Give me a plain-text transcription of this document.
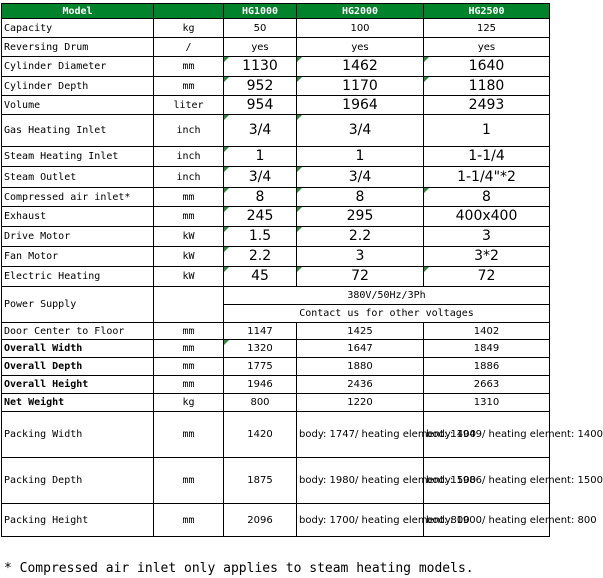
Model		HG1000	HG2000	HG2500
Capacity	kg	50	100	125
Reversing Drum	/	yes	yes	yes
Cylinder Diameter	mm	1130	1462	1640
Cylinder Depth	mm	952	1170	1180
Volume	liter	954	1964	2493
Gas Heating Inlet	inch	3/4	3/4	1
Steam Heating Inlet	inch	1	1	1-1/4
Steam Outlet	inch	3/4	3/4	1-1/4"*2
Compressed air inlet*	mm	8	8	8
Exhaust	mm	245	295	400x400
Drive Motor	kW	1.5	2.2	3
Fan Motor	kW	2.2	3	3*2
Electric Heating	kW	45	72	72
Power Supply		380V/50Hz/3Ph		
		Contact us for other voltages		
Door Center to Floor	mm	1147	1425	1402
Overall Width	mm	1320	1647	1849
Overall Depth	mm	1775	1880	1886
Overall Height	mm	1946	2436	2663
Net Weight	kg	800	1220	1310
Packing Width	mm	1420	body: 1747/ heating element: 1400	body: 1949/ heating element: 1400
Packing Depth	mm	1875	body: 1980/ heating element: 1500	body: 1986/ heating element: 1500
Packing Height	mm	2096	body: 1700/ heating element: 800	body: 1900/ heating element: 800
* Compressed air inlet only applies to steam heating models.
